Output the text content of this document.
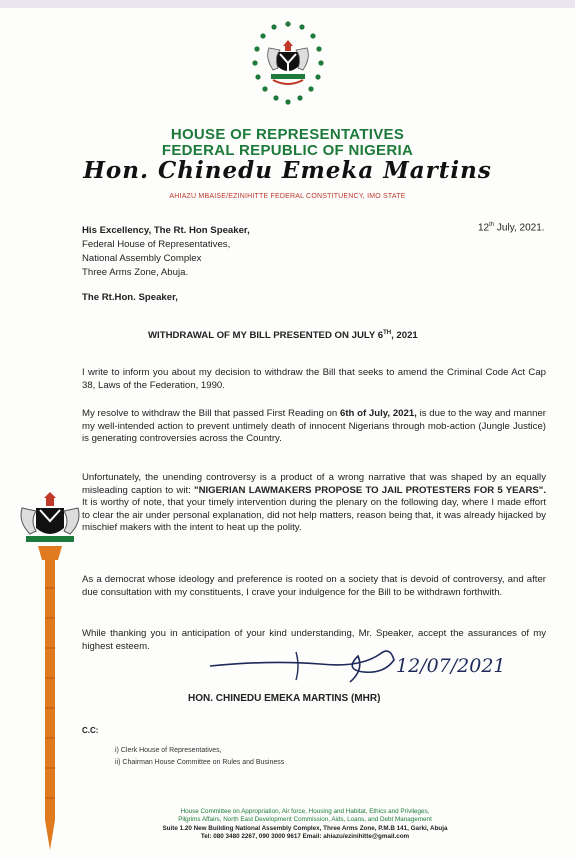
HOUSE OF REPRESENTATIVES
FEDERAL REPUBLIC OF NIGERIA
Hon. Chinedu Emeka Martins
AHIAZU MBAISE/EZINIHITTE FEDERAL CONSTITUENCY, IMO STATE
12th July, 2021.
His Excellency, The Rt. Hon Speaker,
Federal House of Representatives,
National Assembly Complex
Three Arms Zone, Abuja.
The Rt.Hon. Speaker,
WITHDRAWAL OF MY BILL PRESENTED ON JULY 6TH, 2021
I write to inform you about my decision to withdraw the Bill that seeks to amend the Criminal Code Act Cap 38, Laws of the Federation, 1990.
My resolve to withdraw the Bill that passed First Reading on 6th of July, 2021, is due to the way and manner my well-intended action to prevent untimely death of innocent Nigerians through mob-action (Jungle Justice) is generating controversies across the Country.
Unfortunately, the unending controversy is a product of a wrong narrative that was shaped by an equally misleading caption to wit: "NIGERIAN LAWMAKERS PROPOSE TO JAIL PROTESTERS FOR 5 YEARS". It is worthy of note, that your timely intervention during the plenary on the following day, where I made effort to clear the air under personal explanation, did not help matters, reason being that, it was already hijacked by mischief makers with the intent to heat up the polity.
As a democrat whose ideology and preference is rooted on a society that is devoid of controversy, and after due consultation with my constituents, I crave your indulgence for the Bill to be withdrawn forthwith.
While thanking you in anticipation of your kind understanding, Mr. Speaker, accept the assurances of my highest esteem.
12/07/2021
HON. CHINEDU EMEKA MARTINS (MHR)
C.C:
i) Clerk House of Representatives,
ii) Chairman House Committee on Rules and Business
House Committee on Appropriation, Air force, Housing and Habitat, Ethics and Privileges,
Pilgrims Affairs, North East Development Commission, Aids, Loans, and Debt Management
Suite 1.20 New Building National Assembly Complex, Three Arms Zone, P.M.B 141, Garki, Abuja
Tel: 080 3480 2267, 090 3000 9617 Email: ahiazu/ezinihitte@gmail.com
